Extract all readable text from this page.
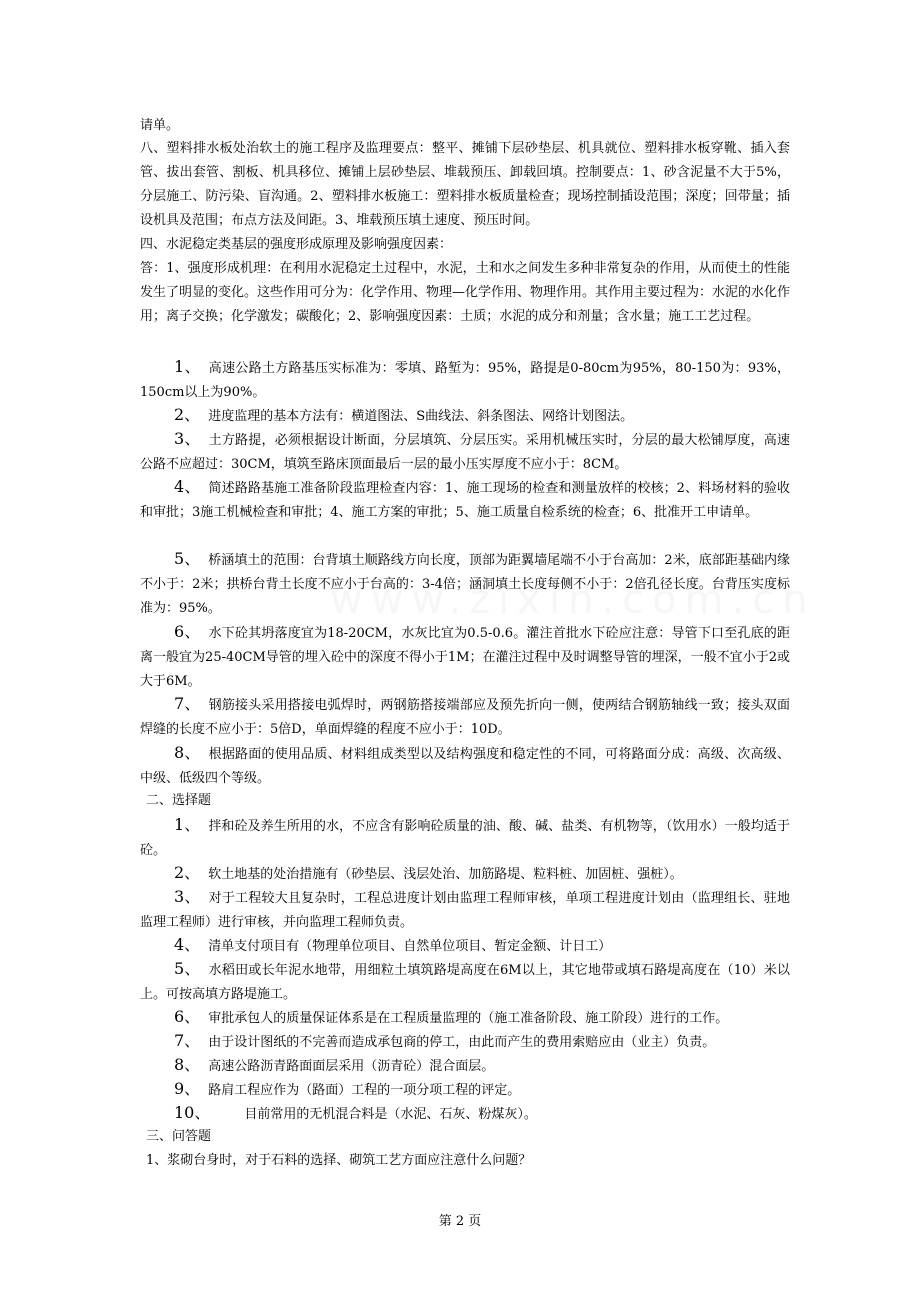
请单。

八、塑料排水板处治软土的施工程序及监理要点：整平、摊铺下层砂垫层、机具就位、塑料排水板穿靴、插入套管、拔出套管、割板、机具移位、摊铺上层砂垫层、堆载预压、卸载回填。控制要点：1、砂含泥量不大于5%，分层施工、防污染、盲沟通。2、塑料排水板施工：塑料排水板质量检查；现场控制插设范围；深度；回带量；插设机具及范围；布点方法及间距。3、堆载预压填土速度、预压时间。

四、水泥稳定类基层的强度形成原理及影响强度因素：

答：1、强度形成机理：在利用水泥稳定土过程中，水泥，土和水之间发生多种非常复杂的作用，从而使土的性能发生了明显的变化。这些作用可分为：化学作用、物理—化学作用、物理作用。其作用主要过程为：水泥的水化作用；离子交换；化学激发；碳酸化；2、影响强度因素：土质；水泥的成分和剂量；含水量；施工工艺过程。

1、 高速公路土方路基压实标准为：零填、路堑为：95%，路提是0-80cm为95%，80-150为：93%，150cm以上为90%。
2、 进度监理的基本方法有：横道图法、S曲线法、斜条图法、网络计划图法。
3、 土方路提，必须根据设计断面，分层填筑、分层压实。采用机械压实时，分层的最大松铺厚度，高速公路不应超过：30CM，填筑至路床顶面最后一层的最小压实厚度不应小于：8CM。
4、 简述路路基施工准备阶段监理检查内容：1、施工现场的检查和测量放样的校核；2、料场材料的验收和审批；3施工机械检查和审批；4、施工方案的审批；5、施工质量自检系统的检查；6、批准开工申请单。
5、 桥涵填土的范围：台背填土顺路线方向长度，顶部为距翼墙尾端不小于台高加：2米，底部距基础内缘不小于：2米；拱桥台背土长度不应小于台高的：3-4倍；涵洞填土长度每侧不小于：2倍孔径长度。台背压实度标准为：95%。
6、 水下砼其坍落度宜为18-20CM，水灰比宜为0.5-0.6。灌注首批水下砼应注意：导管下口至孔底的距离一般宜为25-40CM导管的埋入砼中的深度不得小于1M；在灌注过程中及时调整导管的埋深，一般不宜小于2或大于6M。
7、 钢筋接头采用搭接电弧焊时，两钢筋搭接端部应及预先折向一侧，使两结合钢筋轴线一致；接头双面焊缝的长度不应小于：5倍D，单面焊缝的程度不应小于：10D。
8、 根据路面的使用品质、材料组成类型以及结构强度和稳定性的不同，可将路面分成：高级、次高级、中级、低级四个等级。

二、选择题

1、 拌和砼及养生所用的水，不应含有影响砼质量的油、酸、碱、盐类、有机物等，（饮用水）一般均适于砼。
2、 软土地基的处治措施有（砂垫层、浅层处治、加筋路堤、粒料桩、加固桩、强桩）。
3、 对于工程较大且复杂时，工程总进度计划由监理工程师审核，单项工程进度计划由（监理组长、驻地监理工程师）进行审核，并向监理工程师负责。
4、 清单支付项目有（物理单位项目、自然单位项目、暂定金额、计日工）
5、 水稻田或长年泥水地带，用细粒土填筑路堤高度在6M以上，其它地带或填石路堤高度在（10）米以上。可按高填方路堤施工。
6、 审批承包人的质量保证体系是在工程质量监理的（施工准备阶段、施工阶段）进行的工作。
7、 由于设计图纸的不完善而造成承包商的停工，由此而产生的费用索赔应由（业主）负责。
8、 高速公路沥青路面面层采用（沥青砼）混合面层。
9、 路肩工程应作为（路面）工程的一项分项工程的评定。
10、	目前常用的无机混合料是（水泥、石灰、粉煤灰）。

三、问答题

1、浆砌台身时，对于石料的选择、砌筑工艺方面应注意什么问题？

第 2 页
